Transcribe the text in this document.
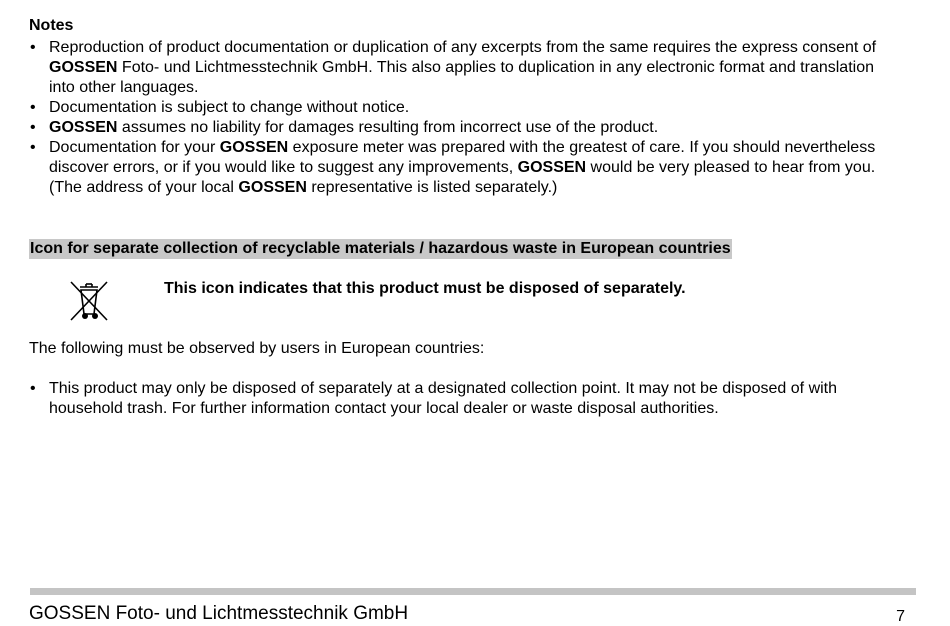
Notes
• Reproduction of product documentation or duplication of any excerpts from the same requires the express consent of GOSSEN Foto- und Lichtmesstechnik GmbH. This also applies to duplication in any electronic format and translation into other languages.
• Documentation is subject to change without notice.
• GOSSEN assumes no liability for damages resulting from incorrect use of the product.
• Documentation for your GOSSEN exposure meter was prepared with the greatest of care. If you should nevertheless discover errors, or if you would like to suggest any improvements, GOSSEN would be very pleased to hear from you. (The address of your local GOSSEN representative is listed separately.)
Icon for separate collection of recyclable materials / hazardous waste in European countries
This icon indicates that this product must be disposed of separately.
The following must be observed by users in European countries:
• This product may only be disposed of separately at a designated collection point. It may not be disposed of with household trash. For further information contact your local dealer or waste disposal authorities.
GOSSEN Foto- und Lichtmesstechnik GmbH	7
